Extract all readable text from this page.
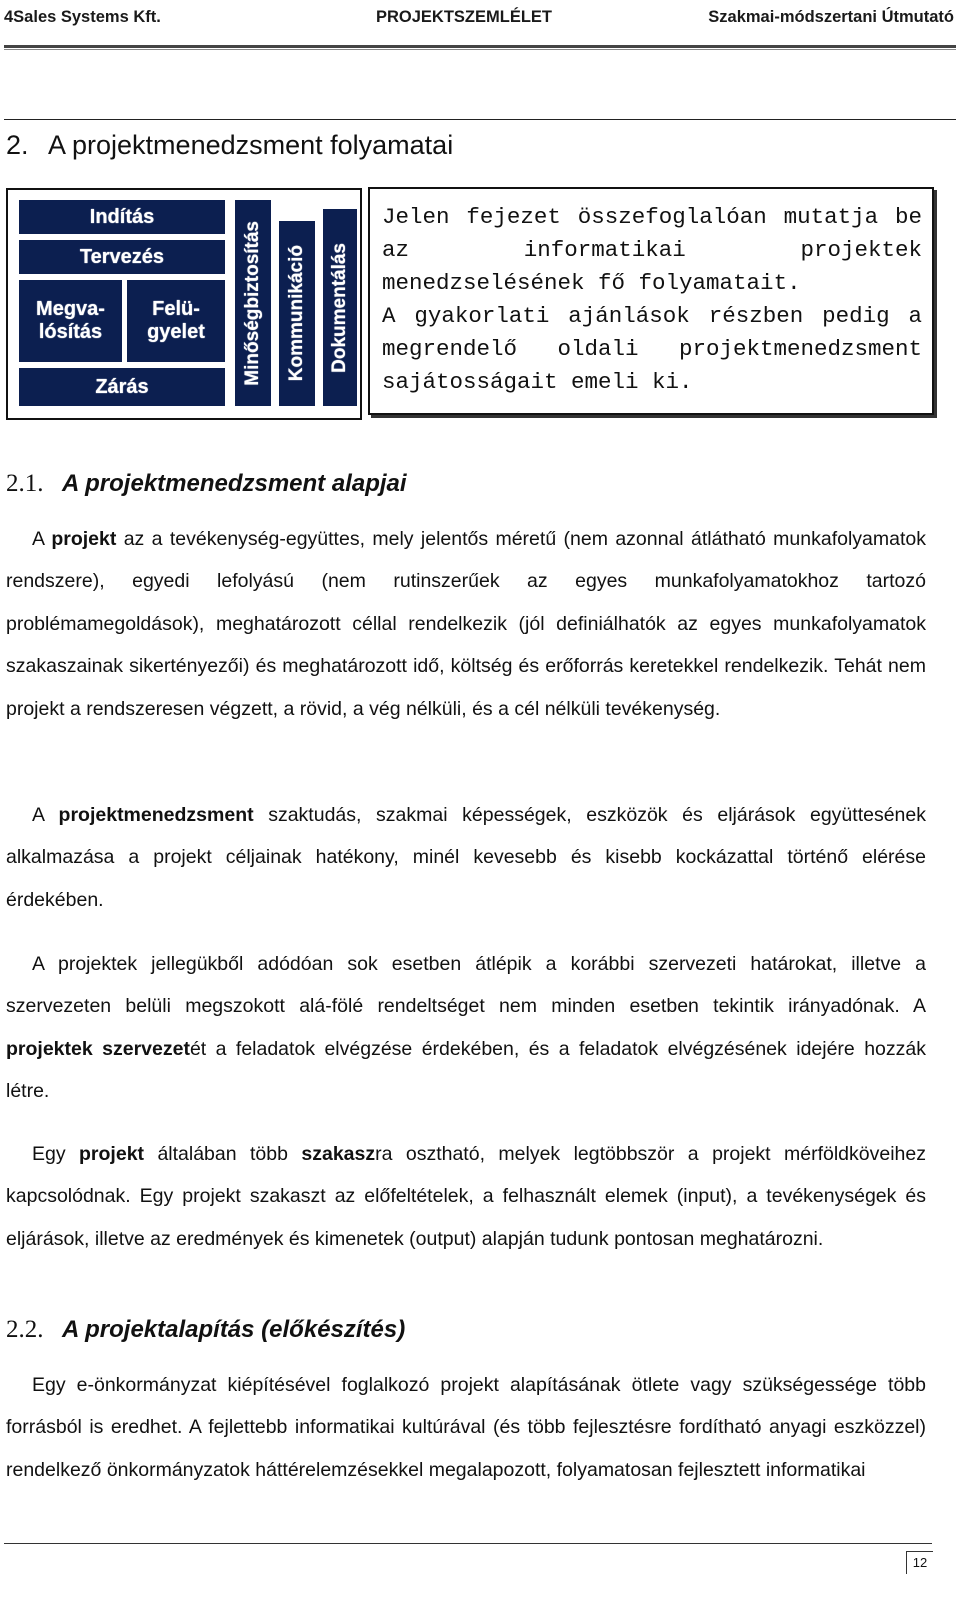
4Sales Systems Kft.	PROJEKTSZEMLÉLET	Szakmai-módszertani Útmutató
2. A projektmenedzsment folyamatai
Indítás
Tervezés
Megva-
lósítás
Felü-
gyelet
Zárás
Minőségbiztosítás Kommunikáció Dokumentálás
Jelen fejezet összefoglalóan mutatja be az informatikai projektek menedzselésének fő folyamatait.
A gyakorlati ajánlások részben pedig a megrendelő oldali projektmenedzsment sajátosságait emeli ki.
2.1. A projektmenedzsment alapjai
A projekt az a tevékenység-együttes, mely jelentős méretű (nem azonnal átlátható munkafolyamatok rendszere), egyedi lefolyású (nem rutinszerűek az egyes munkafolyamatokhoz tartozó problémamegoldások), meghatározott céllal rendelkezik (jól definiálhatók az egyes munkafolyamatok szakaszainak sikertényezői) és meghatározott idő, költség és erőforrás keretekkel rendelkezik. Tehát nem projekt a rendszeresen végzett, a rövid, a vég nélküli, és a cél nélküli tevékenység.
A projektmenedzsment szaktudás, szakmai képességek, eszközök és eljárások együttesének alkalmazása a projekt céljainak hatékony, minél kevesebb és kisebb kockázattal történő elérése érdekében.
A projektek jellegükből adódóan sok esetben átlépik a korábbi szervezeti határokat, illetve a szervezeten belüli megszokott alá-fölé rendeltséget nem minden esetben tekintik irányadónak. A projektek szervezetét a feladatok elvégzése érdekében, és a feladatok elvégzésének idejére hozzák létre.
Egy projekt általában több szakaszra osztható, melyek legtöbbször a projekt mérföldköveihez kapcsolódnak. Egy projekt szakaszt az előfeltételek, a felhasznált elemek (input), a tevékenységek és eljárások, illetve az eredmények és kimenetek (output) alapján tudunk pontosan meghatározni.
2.2. A projektalapítás (előkészítés)
Egy e-önkormányzat kiépítésével foglalkozó projekt alapításának ötlete vagy szükségessége több forrásból is eredhet. A fejlettebb informatikai kultúrával (és több fejlesztésre fordítható anyagi eszközzel) rendelkező önkormányzatok háttérelemzésekkel megalapozott, folyamatosan fejlesztett informatikai
12
